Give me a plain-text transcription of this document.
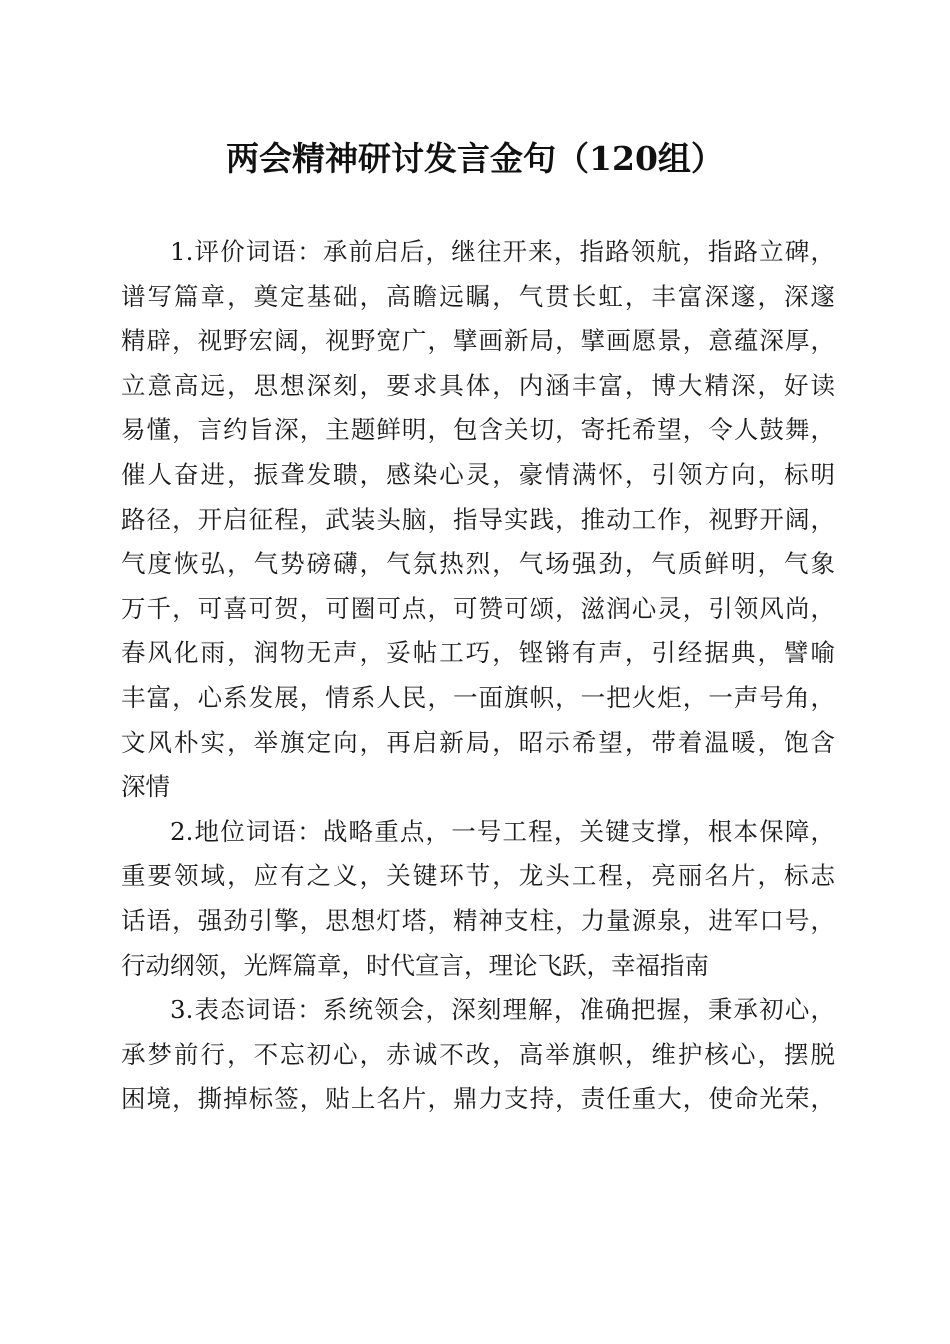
两会精神研讨发言金句（120组）
1.评价词语：承前启后，继往开来，指路领航，指路立碑，
谱写篇章，奠定基础，高瞻远瞩，气贯长虹，丰富深邃，深邃
精辟，视野宏阔，视野宽广，擘画新局，擘画愿景，意蕴深厚，
立意高远，思想深刻，要求具体，内涵丰富，博大精深，好读
易懂，言约旨深，主题鲜明，包含关切，寄托希望，令人鼓舞，
催人奋进，振聋发聩，感染心灵，豪情满怀，引领方向，标明
路径，开启征程，武装头脑，指导实践，推动工作，视野开阔，
气度恢弘，气势磅礴，气氛热烈，气场强劲，气质鲜明，气象
万千，可喜可贺，可圈可点，可赞可颂，滋润心灵，引领风尚，
春风化雨，润物无声，妥帖工巧，铿锵有声，引经据典，譬喻
丰富，心系发展，情系人民，一面旗帜，一把火炬，一声号角，
文风朴实，举旗定向，再启新局，昭示希望，带着温暖，饱含
深情
2.地位词语：战略重点，一号工程，关键支撑，根本保障，
重要领域，应有之义，关键环节，龙头工程，亮丽名片，标志
话语，强劲引擎，思想灯塔，精神支柱，力量源泉，进军口号，
行动纲领，光辉篇章，时代宣言，理论飞跃，幸福指南
3.表态词语：系统领会，深刻理解，准确把握，秉承初心，
承梦前行，不忘初心，赤诚不改，高举旗帜，维护核心，摆脱
困境，撕掉标签，贴上名片，鼎力支持，责任重大，使命光荣，
